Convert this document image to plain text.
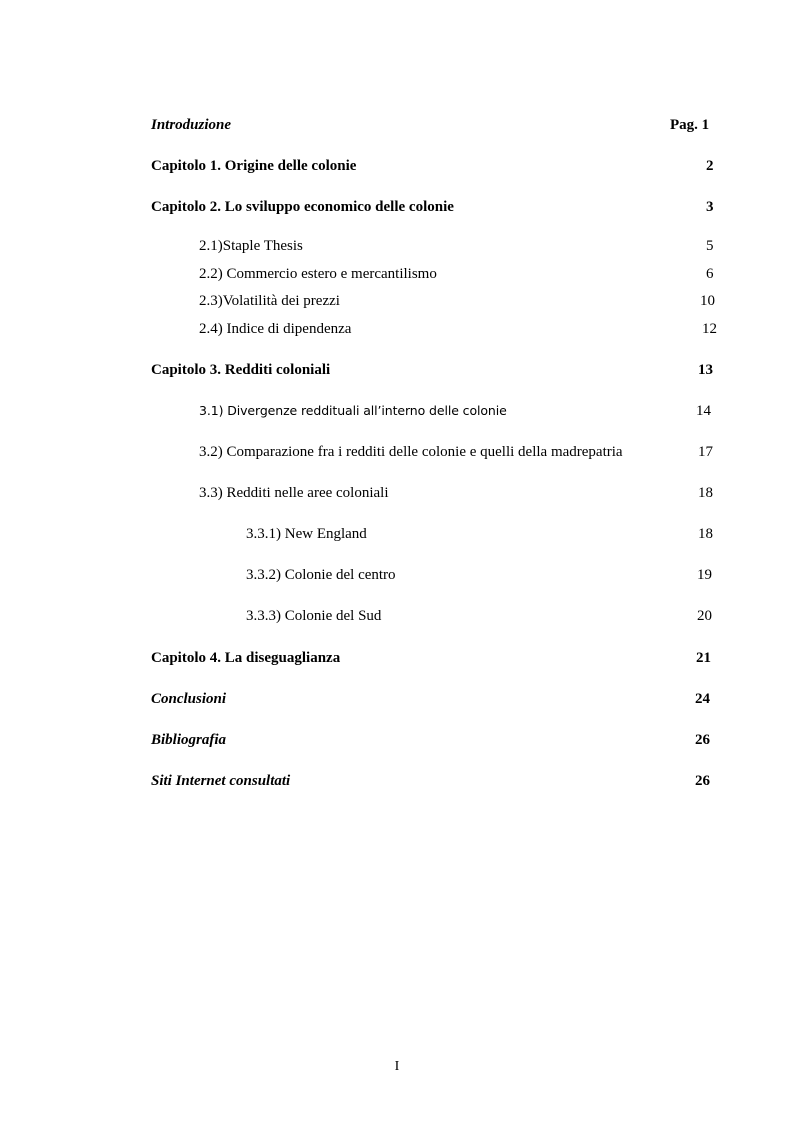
Introduzione	Pag. 1
Capitolo 1. Origine delle colonie	2
Capitolo 2. Lo sviluppo economico delle colonie	3
2.1)Staple Thesis	5
2.2) Commercio estero e mercantilismo	6
2.3)Volatilità dei prezzi	10
2.4) Indice di dipendenza	12
Capitolo 3. Redditi coloniali	13
3.1) Divergenze reddituali all’interno delle colonie	14
3.2) Comparazione fra i redditi delle colonie e quelli della madrepatria	17
3.3) Redditi nelle aree coloniali	18
3.3.1) New England	18
3.3.2) Colonie del centro	19
3.3.3) Colonie del Sud	20
Capitolo 4. La diseguaglianza	21
Conclusioni	24
Bibliografia	26
Siti Internet consultati	26
I
